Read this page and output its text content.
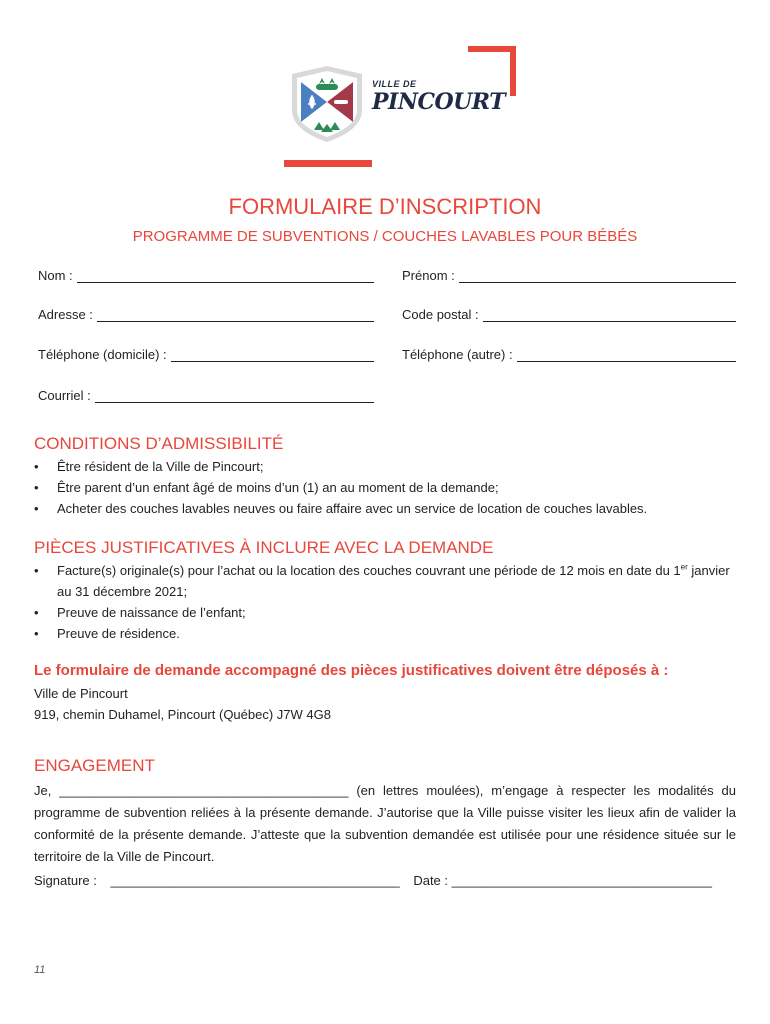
VILLE DE
PINCOURT
FORMULAIRE D’INSCRIPTION
PROGRAMME DE SUBVENTIONS / COUCHES LAVABLES POUR BÉBÉS
Nom :	Prénom :
Adresse :	Code postal :
Téléphone (domicile) :	Téléphone (autre) :
Courriel :
CONDITIONS D’ADMISSIBILITÉ
• Être résident de la Ville de Pincourt;
• Être parent d’un enfant âgé de moins d’un (1) an au moment de la demande;
• Acheter des couches lavables neuves ou faire affaire avec un service de location de couches lavables.
PIÈCES JUSTIFICATIVES À INCLURE AVEC LA DEMANDE
• Facture(s) originale(s) pour l’achat ou la location des couches couvrant une période de 12 mois en date du 1er janvier au 31 décembre 2021;
• Preuve de naissance de l’enfant;
• Preuve de résidence.
Le formulaire de demande accompagné des pièces justificatives doivent être déposés à :
Ville de Pincourt
919, chemin Duhamel, Pincourt (Québec) J7W 4G8
ENGAGEMENT
Je, ________________________________________ (en lettres moulées), m’engage à respecter les modalités du programme de subvention reliées à la présente demande. J’autorise que la Ville puisse visiter les lieux afin de valider la conformité de la présente demande. J’atteste que la subvention demandée est utilisée pour une résidence située sur le territoire de la Ville de Pincourt.
Signature : ________________________________________ Date : ____________________________________
11
